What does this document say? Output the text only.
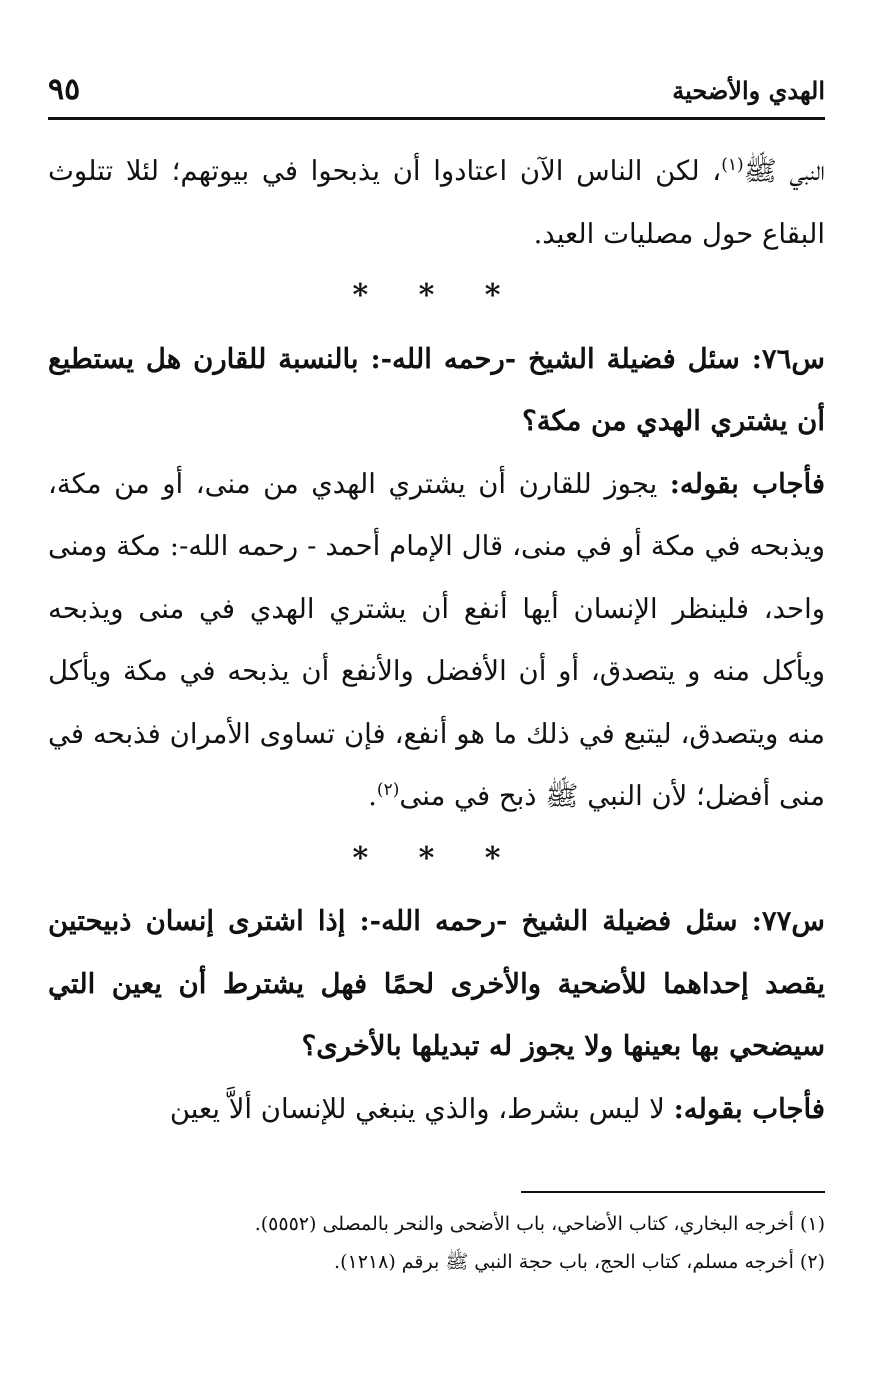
٩٥	الهدي والأضحية

النبي ﷺ$^{(١)}$، لكن الناس الآن اعتادوا أن يذبحوا في بيوتهم؛ لئلا تتلوث البقاع حول مصليات العيد.

* * *

س٧٦: سئل فضيلة الشيخ -رحمه الله-: بالنسبة للقارن هل يستطيع أن يشتري الهدي من مكة؟

فأجاب بقوله: يجوز للقارن أن يشتري الهدي من منى، أو من مكة، ويذبحه في مكة أو في منى، قال الإمام أحمد - رحمه الله-: مكة ومنى واحد، فلينظر الإنسان أيها أنفع أن يشتري الهدي في منى ويذبحه ويأكل منه و يتصدق، أو أن الأفضل والأنفع أن يذبحه في مكة ويأكل منه ويتصدق، ليتبع في ذلك ما هو أنفع، فإن تساوى الأمران فذبحه في منى أفضل؛ لأن النبي ﷺ ذبح في منى$^{(٢)}$.

* * *

س٧٧: سئل فضيلة الشيخ -رحمه الله-: إذا اشترى إنسان ذبيحتين يقصد إحداهما للأضحية والأخرى لحمًا فهل يشترط أن يعين التي سيضحي بها بعينها ولا يجوز له تبديلها بالأخرى؟

فأجاب بقوله: لا ليس بشرط، والذي ينبغي للإنسان ألاَّ يعين

(١) أخرجه البخاري، كتاب الأضاحي، باب الأضحى والنحر بالمصلى (٥٥٥٢).
(٢) أخرجه مسلم، كتاب الحج، باب حجة النبي ﷺ برقم (١٢١٨).
